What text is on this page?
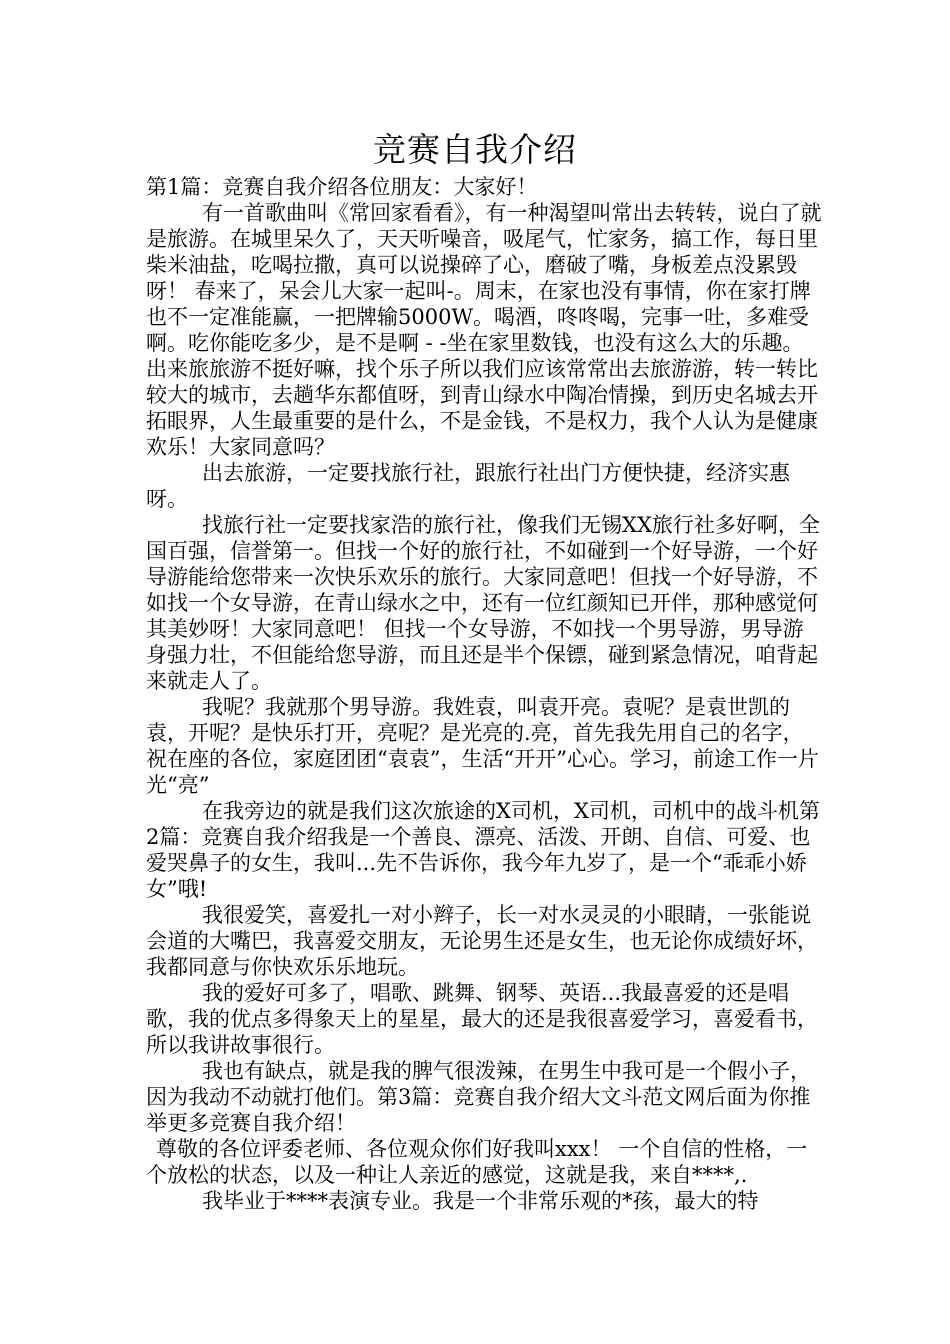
竞赛自我介绍

第1篇：竞赛自我介绍各位朋友：大家好！

有一首歌曲叫《常回家看看》，有一种渴望叫常出去转转，说白了就是旅游。在城里呆久了，天天听噪音，吸尾气，忙家务，搞工作，每日里柴米油盐，吃喝拉撒，真可以说操碎了心，磨破了嘴，身板差点没累毁呀！ 春来了，呆会儿大家一起叫-。周末，在家也没有事情，你在家打牌也不一定准能赢，一把牌输5000W。喝酒，咚咚喝，完事一吐，多难受啊。吃你能吃多少，是不是啊 - -坐在家里数钱，也没有这么大的乐趣。出来旅旅游不挺好嘛，找个乐子所以我们应该常常出去旅游游，转一转比较大的城市，去趟华东都值呀，到青山绿水中陶冶情操，到历史名城去开拓眼界，人生最重要的是什么，不是金钱，不是权力，我个人认为是健康欢乐！大家同意吗？

出去旅游，一定要找旅行社，跟旅行社出门方便快捷，经济实惠呀。

找旅行社一定要找家浩的旅行社，像我们无锡XX旅行社多好啊，全国百强，信誉第一。但找一个好的旅行社，不如碰到一个好导游，一个好导游能给您带来一次快乐欢乐的旅行。大家同意吧！但找一个好导游，不如找一个女导游，在青山绿水之中，还有一位红颜知已开伴，那种感觉何其美妙呀！大家同意吧！ 但找一个女导游，不如找一个男导游，男导游身强力壮，不但能给您导游，而且还是半个保镖，碰到紧急情况，咱背起来就走人了。

我呢？我就那个男导游。我姓袁，叫袁开亮。袁呢？是袁世凯的袁，开呢？是快乐打开，亮呢？是光亮的.亮，首先我先用自己的名字，祝在座的各位，家庭团团“袁袁”，生活“开开”心心。学习，前途工作一片光“亮”

在我旁边的就是我们这次旅途的X司机，X司机，司机中的战斗机第2篇：竞赛自我介绍我是一个善良、漂亮、活泼、开朗、自信、可爱、也爱哭鼻子的女生，我叫...先不告诉你，我今年九岁了，是一个“乖乖小娇女”哦!

我很爱笑，喜爱扎一对小辫子，长一对水灵灵的小眼睛，一张能说会道的大嘴巴，我喜爱交朋友，无论男生还是女生，也无论你成绩好坏，我都同意与你快欢乐乐地玩。

我的爱好可多了，唱歌、跳舞、钢琴、英语...我最喜爱的还是唱歌，我的优点多得象天上的星星，最大的还是我很喜爱学习，喜爱看书，所以我讲故事很行。

我也有缺点，就是我的脾气很泼辣，在男生中我可是一个假小子，因为我动不动就打他们。第3篇：竞赛自我介绍大文斗范文网后面为你推举更多竞赛自我介绍！

尊敬的各位评委老师、各位观众你们好我叫xxx！ 一个自信的性格，一个放松的状态，以及一种让人亲近的感觉，这就是我，来自****,.

我毕业于****表演专业。我是一个非常乐观的*孩，最大的特
